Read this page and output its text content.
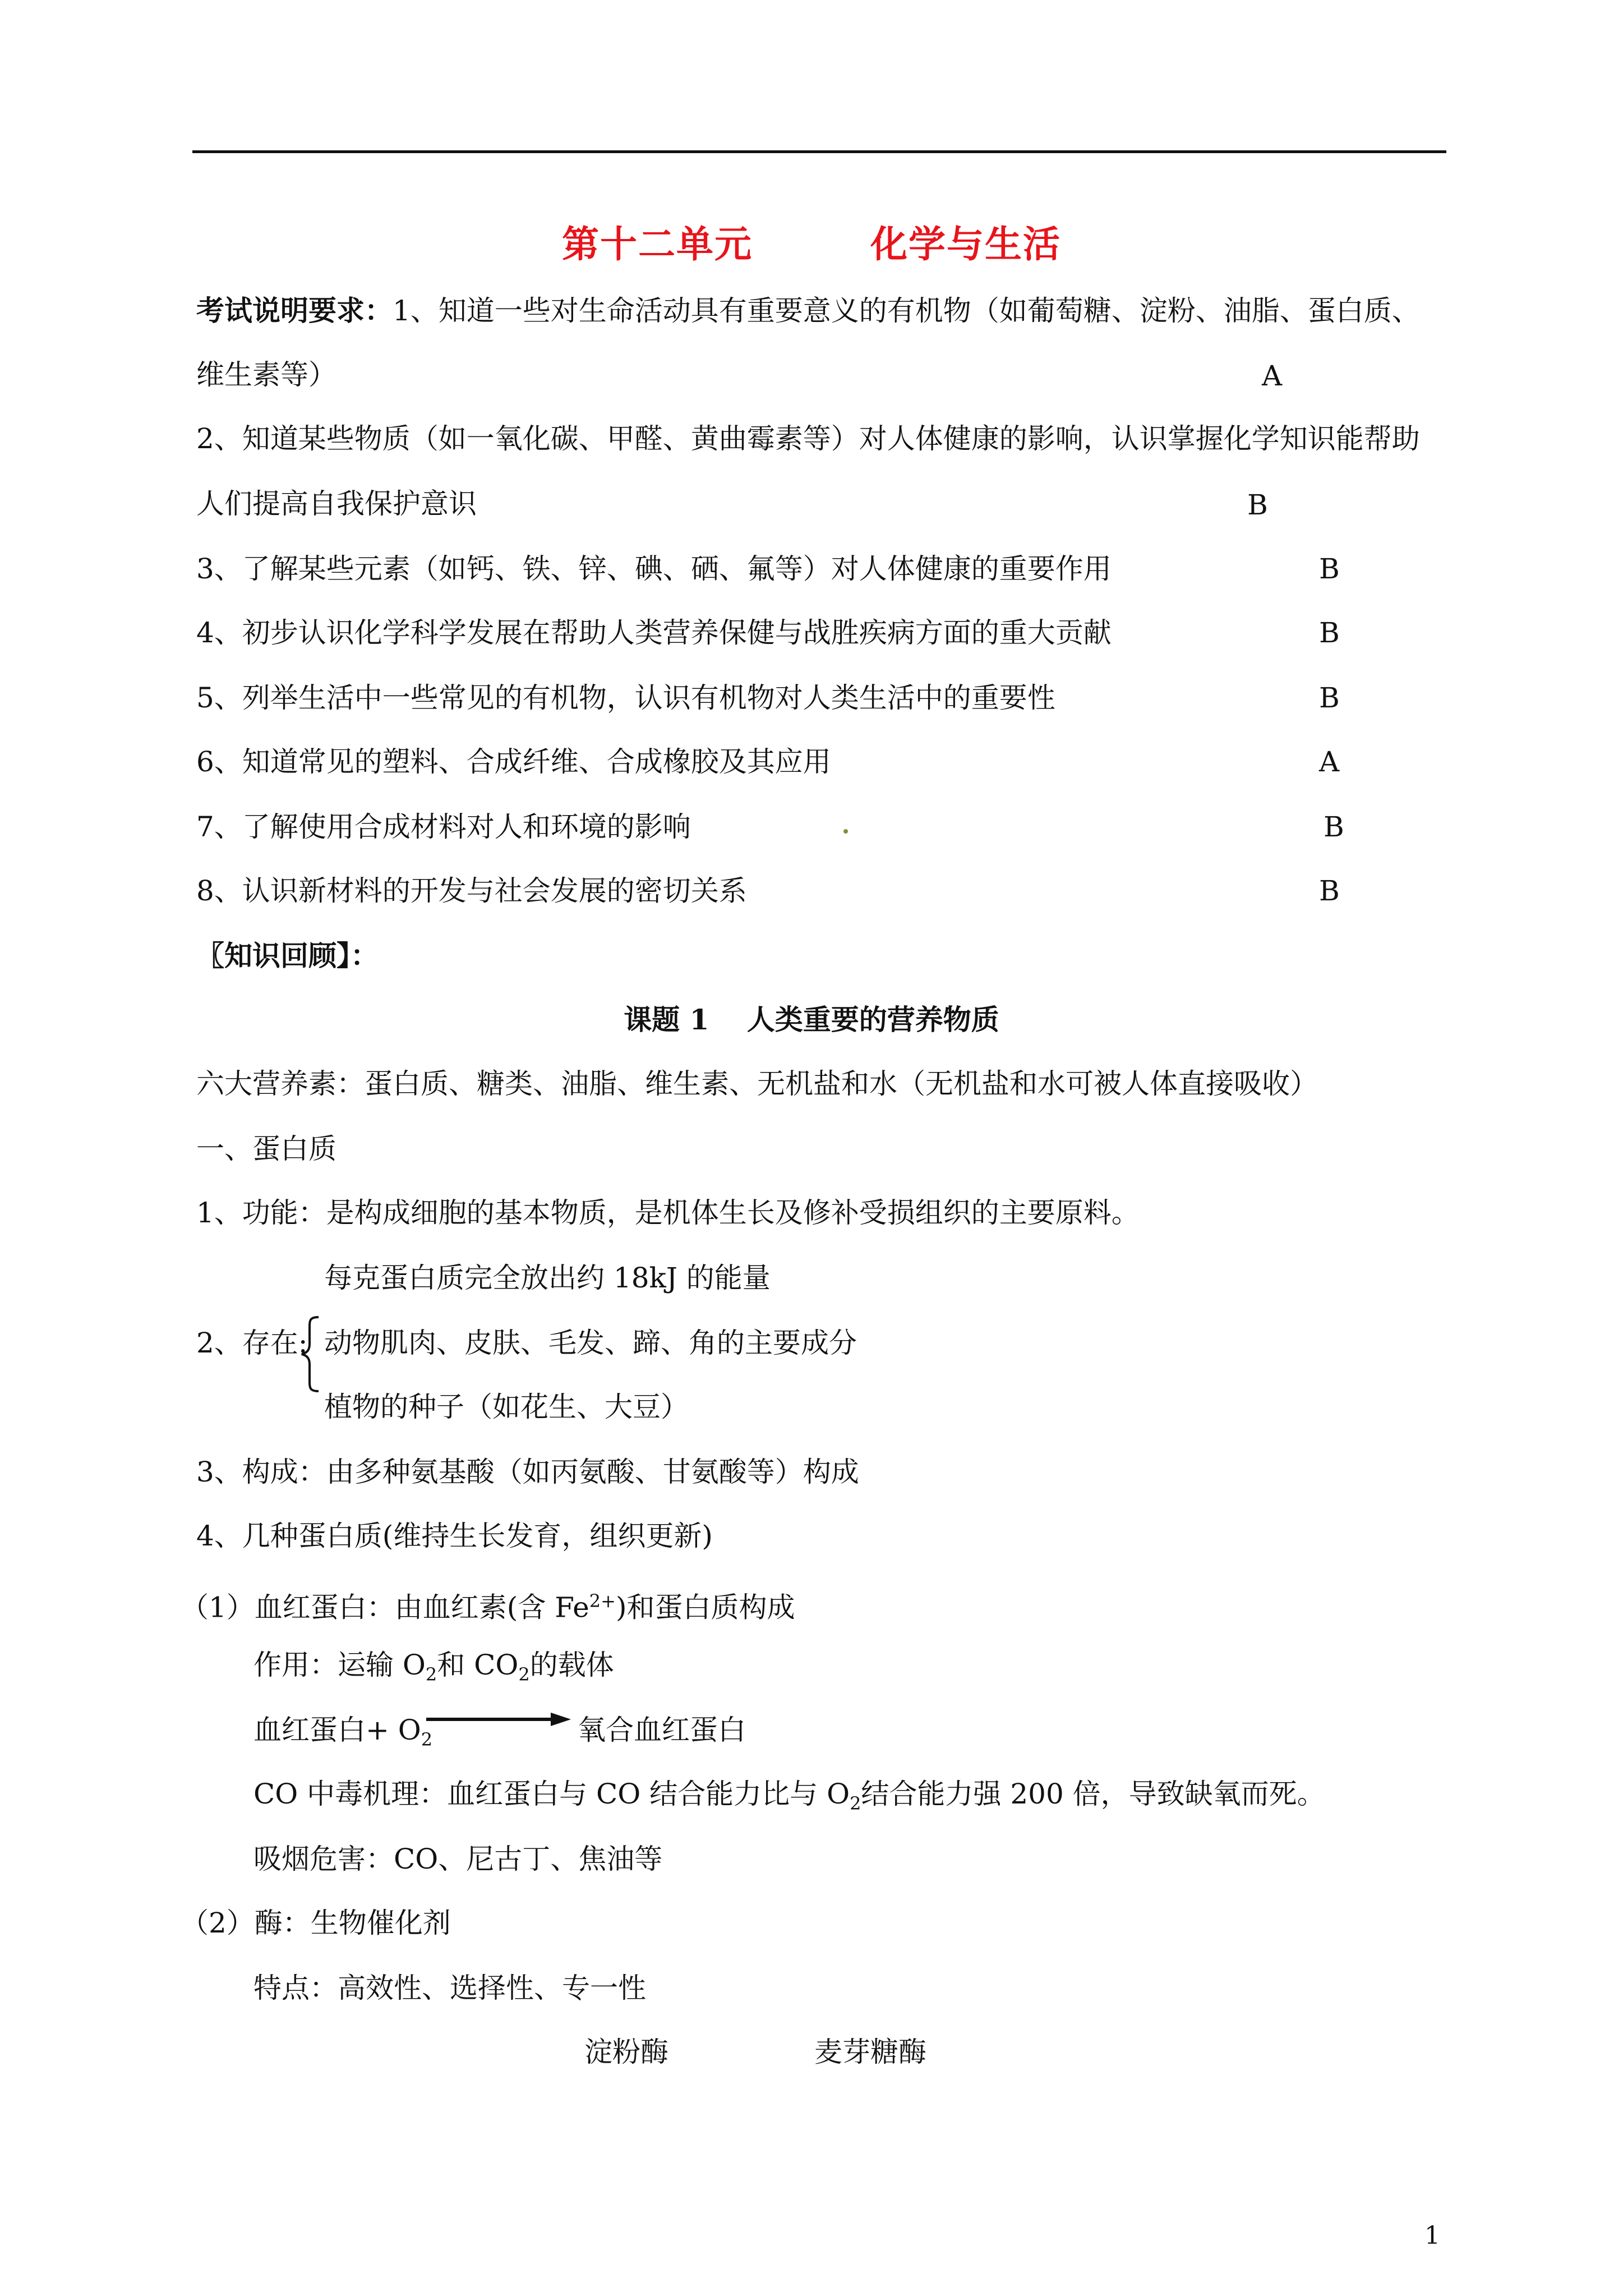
第十二单元	化学与生活
考试说明要求：1、知道一些对生命活动具有重要意义的有机物（如葡萄糖、淀粉、油脂、蛋白质、
维生素等）	A
2、知道某些物质（如一氧化碳、甲醛、黄曲霉素等）对人体健康的影响，认识掌握化学知识能帮助
人们提高自我保护意识	B
3、了解某些元素（如钙、铁、锌、碘、硒、氟等）对人体健康的重要作用	B
4、初步认识化学科学发展在帮助人类营养保健与战胜疾病方面的重大贡献	B
5、列举生活中一些常见的有机物，认识有机物对人类生活中的重要性	B
6、知道常见的塑料、合成纤维、合成橡胶及其应用	A
7、了解使用合成材料对人和环境的影响	B
8、认识新材料的开发与社会发展的密切关系	B
〖知识回顾】：
课题 1　 人类重要的营养物质
六大营养素：蛋白质、糖类、油脂、维生素、无机盐和水（无机盐和水可被人体直接吸收）
一、蛋白质
1、功能：是构成细胞的基本物质，是机体生长及修补受损组织的主要原料。
每克蛋白质完全放出约 18kJ 的能量
2、存在: 动物肌肉、皮肤、毛发、蹄、角的主要成分
植物的种子（如花生、大豆）
3、构成：由多种氨基酸（如丙氨酸、甘氨酸等）构成
4、几种蛋白质(维持生长发育，组织更新)
（1）血红蛋白：由血红素(含 $Fe^{2+}$)和蛋白质构成
作用：运输 $O_2$和 $CO_2$的载体
血红蛋白+ $O_2$	氧合血红蛋白
CO 中毒机理：血红蛋白与 CO 结合能力比与 $O_2$结合能力强 200 倍，导致缺氧而死。
吸烟危害：CO、尼古丁、焦油等
（2）酶：生物催化剂
特点：高效性、选择性、专一性
淀粉酶	麦芽糖酶
1
